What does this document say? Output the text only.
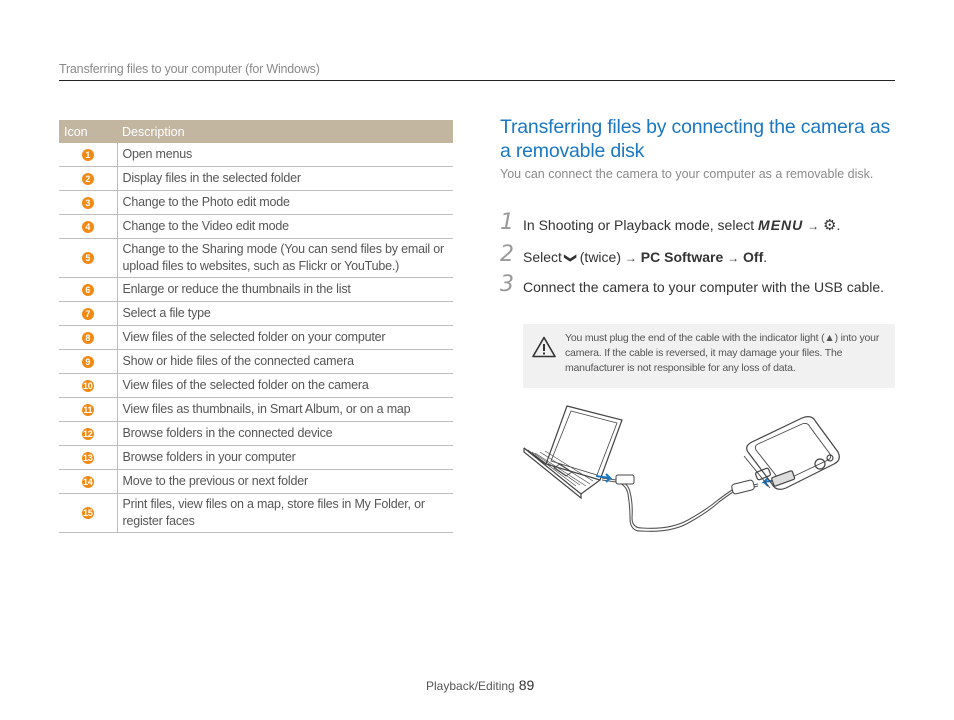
Transferring files to your computer (for Windows)
Icon	Description
1	Open menus
2	Display files in the selected folder
3	Change to the Photo edit mode
4	Change to the Video edit mode
5	Change to the Sharing mode (You can send files by email or upload files to websites, such as Flickr or YouTube.)
6	Enlarge or reduce the thumbnails in the list
7	Select a file type
8	View files of the selected folder on your computer
9	Show or hide files of the connected camera
10	View files of the selected folder on the camera
11	View files as thumbnails, in Smart Album, or on a map
12	Browse folders in the connected device
13	Browse folders in your computer
14	Move to the previous or next folder
15	Print files, view files on a map, store files in My Folder, or register faces
Transferring files by connecting the camera as a removable disk
You can connect the camera to your computer as a removable disk.
1 In Shooting or Playback mode, select MENU → ⚙.
2 Select ❯ (twice) → PC Software → Off.
3 Connect the camera to your computer with the USB cable.
You must plug the end of the cable with the indicator light (▲) into your camera. If the cable is reversed, it may damage your files. The manufacturer is not responsible for any loss of data.
Playback/Editing 89
